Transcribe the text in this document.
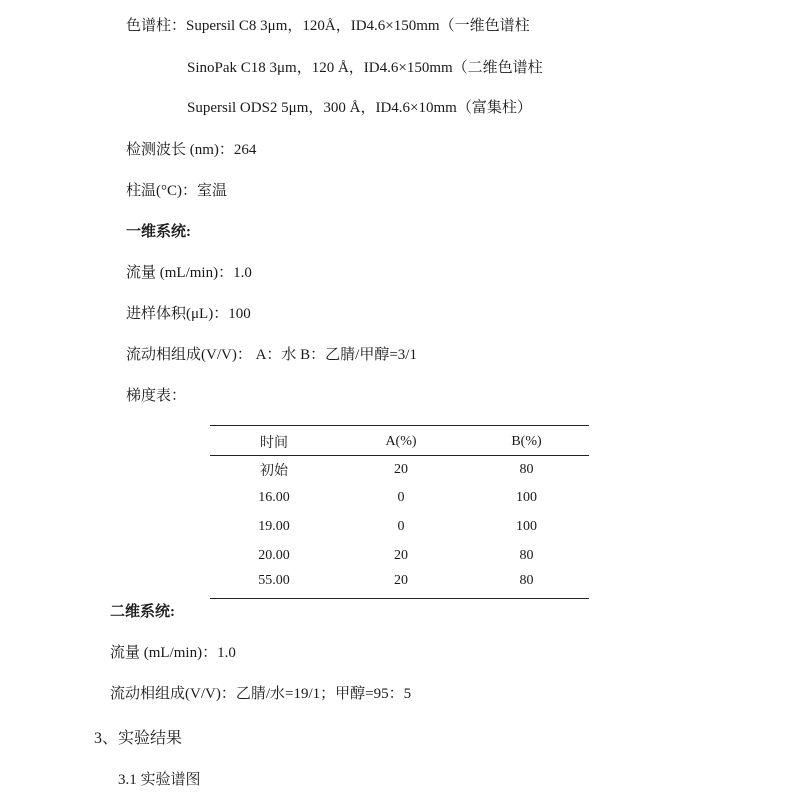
色谱柱：Supersil C8 3μm，120Å，ID4.6×150mm（一维色谱柱
SinoPak C18 3μm，120 Å，ID4.6×150mm（二维色谱柱
Supersil ODS2 5μm，300 Å，ID4.6×10mm（富集柱）
检测波长 (nm)：264
柱温(°C)：室温
一维系统:
流量 (mL/min)：1.0
进样体积(μL)：100
流动相组成(V/V)： A：水 B：乙腈/甲醇=3/1
梯度表：
时间	A(%)	B(%)
初始	20	80
16.00	0	100
19.00	0	100
20.00	20	80
55.00	20	80
二维系统:
流量 (mL/min)：1.0
流动相组成(V/V)：乙腈/水=19/1；甲醇=95：5
3、实验结果
3.1 实验谱图
